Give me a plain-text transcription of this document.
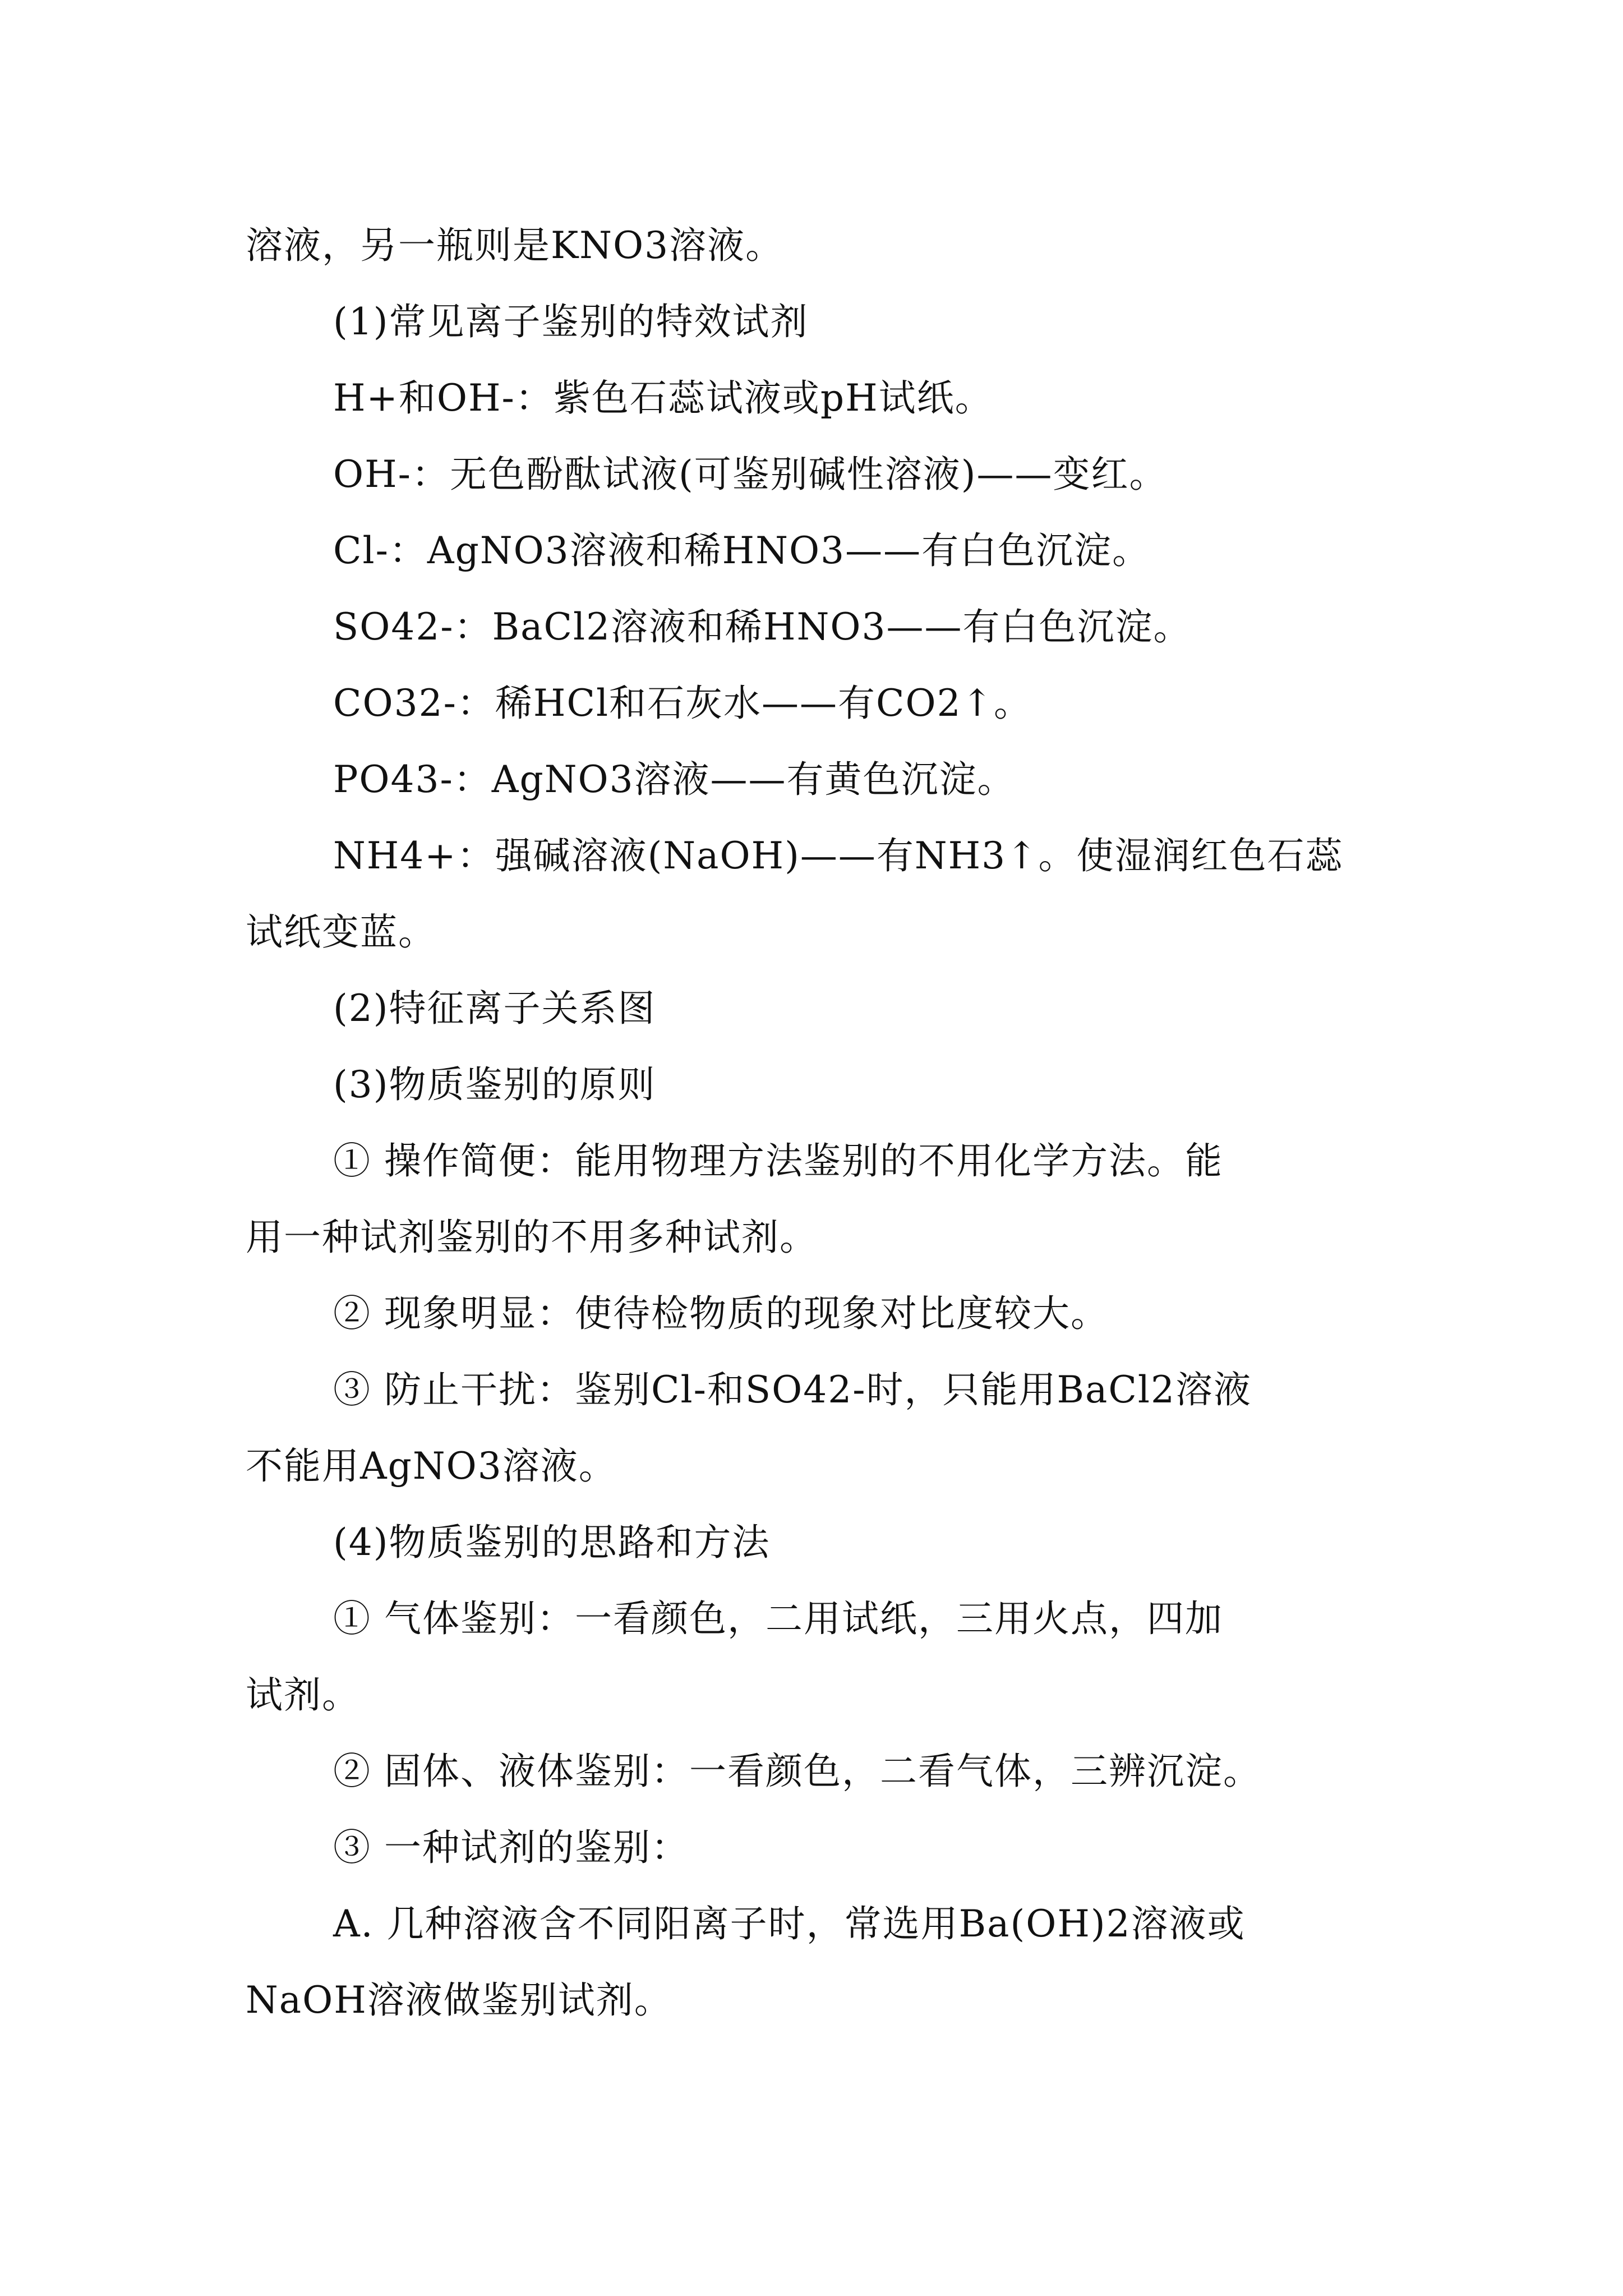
溶液，另一瓶则是KNO3溶液。

(1)常见离子鉴别的特效试剂

H+和OH-：紫色石蕊试液或pH试纸。

OH-：无色酚酞试液(可鉴别碱性溶液)——变红。

Cl-：AgNO3溶液和稀HNO3——有白色沉淀。

SO42-：BaCl2溶液和稀HNO3——有白色沉淀。

CO32-：稀HCl和石灰水——有CO2↑。

PO43-：AgNO3溶液——有黄色沉淀。

NH4+：强碱溶液(NaOH)——有NH3↑。使湿润红色石蕊

试纸变蓝。

(2)特征离子关系图

(3)物质鉴别的原则

① 操作简便：能用物理方法鉴别的不用化学方法。能

用一种试剂鉴别的不用多种试剂。

② 现象明显：使待检物质的现象对比度较大。

③ 防止干扰：鉴别Cl-和SO42-时，只能用BaCl2溶液

不能用AgNO3溶液。

(4)物质鉴别的思路和方法

① 气体鉴别：一看颜色，二用试纸，三用火点，四加

试剂。

② 固体、液体鉴别：一看颜色，二看气体，三辨沉淀。

③ 一种试剂的鉴别：

A. 几种溶液含不同阳离子时，常选用Ba(OH)2溶液或

NaOH溶液做鉴别试剂。
